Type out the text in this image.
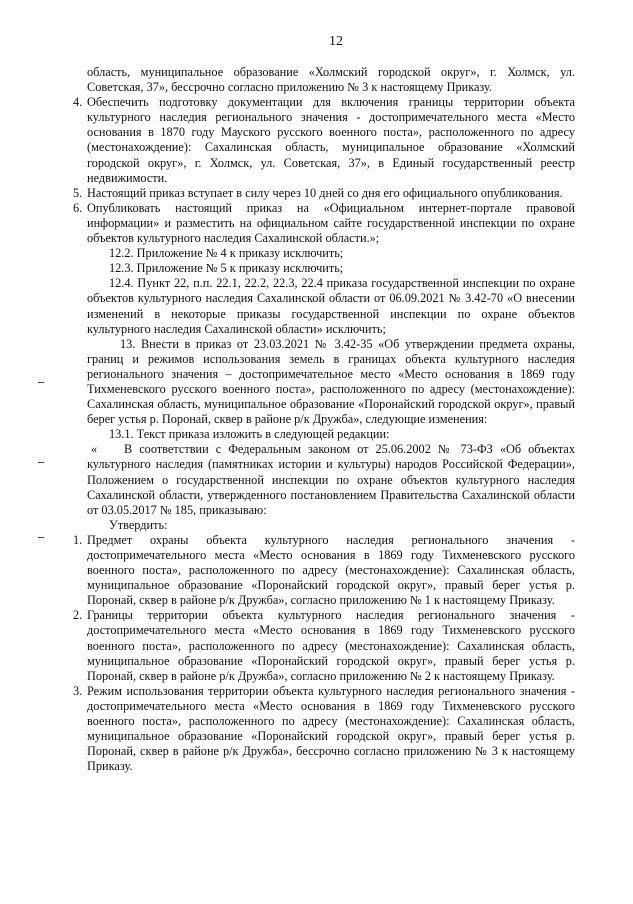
12

область, муниципальное образование «Холмский городской округ», г. Холмск, ул. Советская, 37», бессрочно согласно приложению № 3 к настоящему Приказу.

4. Обеспечить подготовку документации для включения границы территории объекта культурного наследия регионального значения - достопримечательного места «Место основания в 1870 году Мауского русского военного поста», расположенного по адресу (местонахождение): Сахалинская область, муниципальное образование «Холмский городской округ», г. Холмск, ул. Советская, 37», в Единый государственный реестр недвижимости.
5. Настоящий приказ вступает в силу через 10 дней со дня его официального опубликования.
6. Опубликовать настоящий приказ на «Официальном интернет-портале правовой информации» и разместить на официальном сайте государственной инспекции по охране объектов культурного наследия Сахалинской области.»;

12.2. Приложение № 4 к приказу исключить;

12.3. Приложение № 5 к приказу исключить;

12.4. Пункт 22, п.п. 22.1, 22.2, 22.3, 22.4 приказа государственной инспекции по охране объектов культурного наследия Сахалинской области от 06.09.2021 № 3.42-70 «О внесении изменений в некоторые приказы государственной инспекции по охране объектов культурного наследия Сахалинской области» исключить;

13. Внести в приказ от 23.03.2021 № 3.42-35 «Об утверждении предмета охраны, границ и режимов использования земель в границах объекта культурного наследия регионального значения – достопримечательное место «Место основания в 1869 году Тихменевского русского военного поста», расположенного по адресу (местонахождение): Сахалинская область, муниципальное образование «Поронайский городской округ», правый берег устья р. Поронай, сквер в районе р/к Дружба», следующие изменения:

13.1. Текст приказа изложить в следующей редакции:

« В соответствии с Федеральным законом от 25.06.2002 № 73-ФЗ «Об объектах культурного наследия (памятниках истории и культуры) народов Российской Федерации», Положением о государственной инспекции по охране объектов культурного наследия Сахалинской области, утвержденного постановлением Правительства Сахалинской области от 03.05.2017 № 185, приказываю:

Утвердить:

1. Предмет охраны объекта культурного наследия регионального значения - достопримечательного места «Место основания в 1869 году Тихменевского русского военного поста», расположенного по адресу (местонахождение): Сахалинская область, муниципальное образование «Поронайский городской округ», правый берег устья р. Поронай, сквер в районе р/к Дружба», согласно приложению № 1 к настоящему Приказу.
2. Границы территории объекта культурного наследия регионального значения - достопримечательного места «Место основания в 1869 году Тихменевского русского военного поста», расположенного по адресу (местонахождение): Сахалинская область, муниципальное образование «Поронайский городской округ», правый берег устья р. Поронай, сквер в районе р/к Дружба», согласно приложению № 2 к настоящему Приказу.
3. Режим использования территории объекта культурного наследия регионального значения - достопримечательного места «Место основания в 1869 году Тихменевского русского военного поста», расположенного по адресу (местонахождение): Сахалинская область, муниципальное образование «Поронайский городской округ», правый берег устья р. Поронай, сквер в районе р/к Дружба», бессрочно согласно приложению № 3 к настоящему Приказу.
